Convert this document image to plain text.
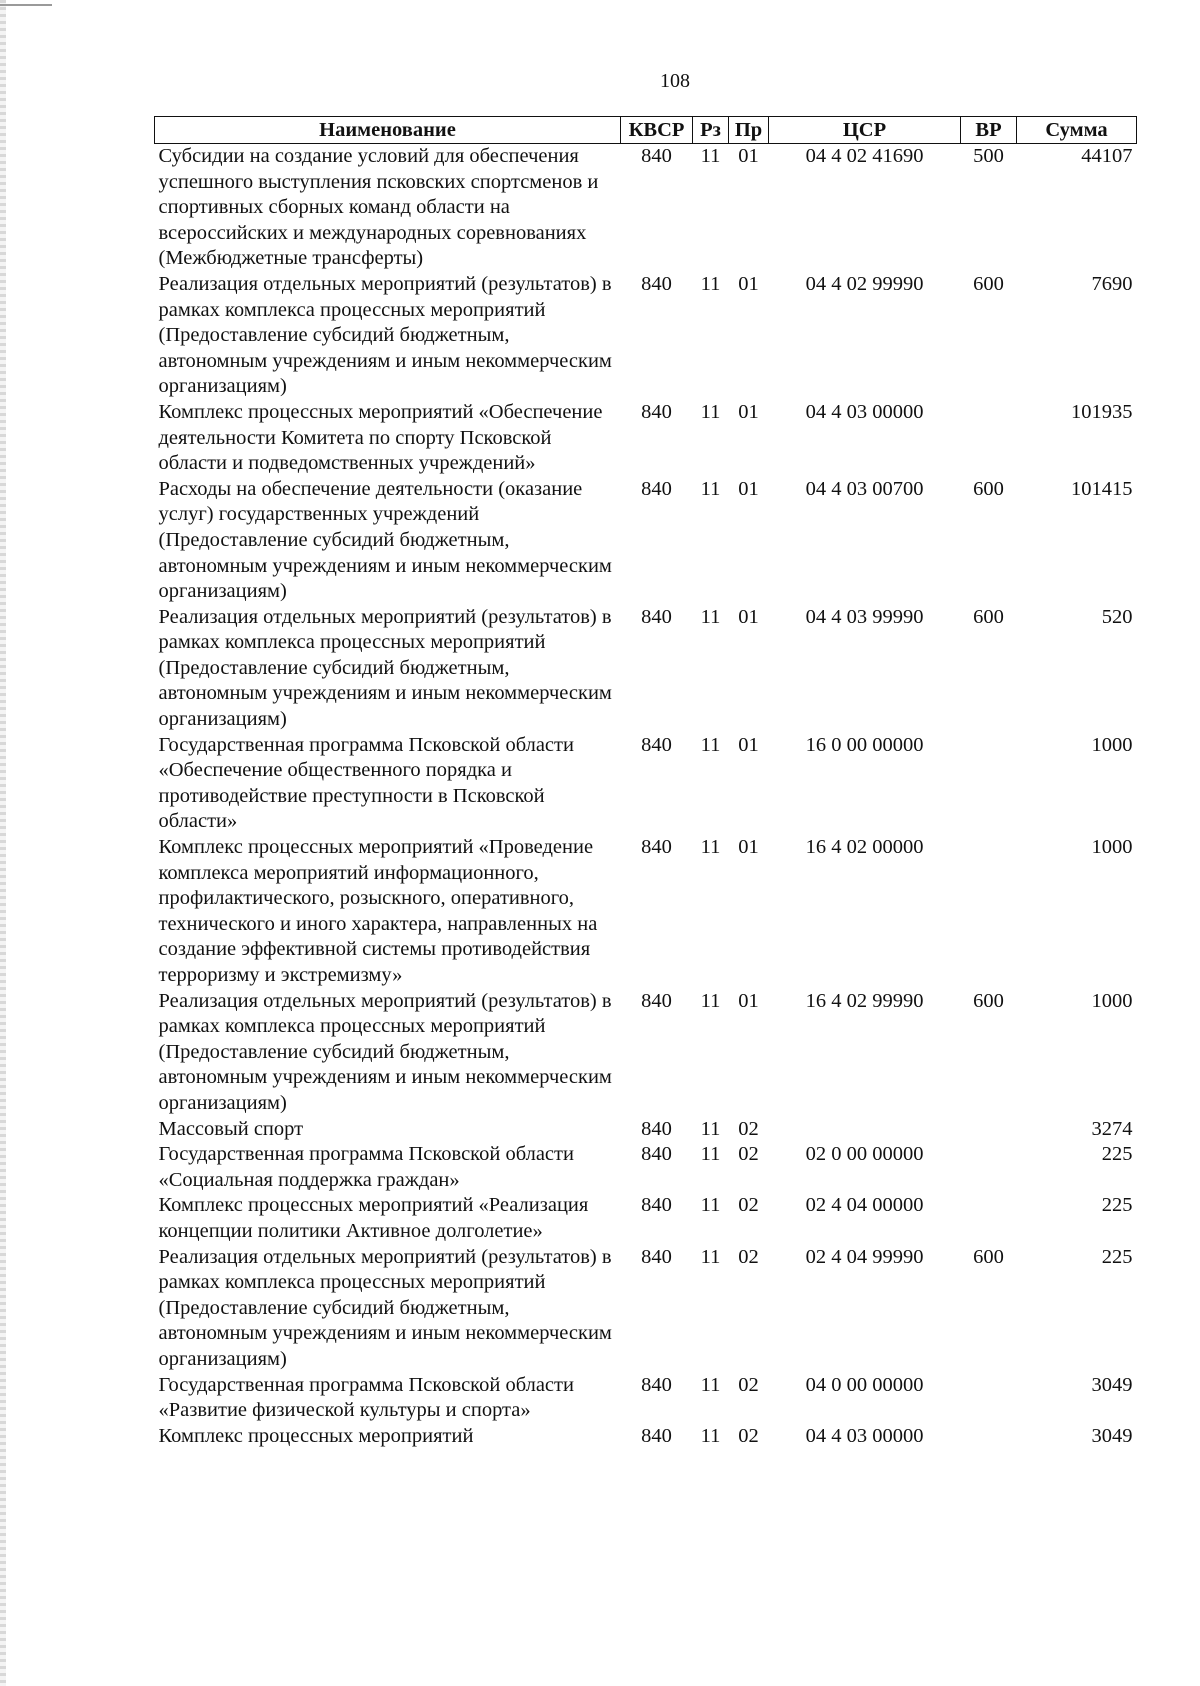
108
Наименование	КВСР	Рз	Пр	ЦСР	ВР	Сумма
Субсидии на создание условий для обеспечения успешного выступления псковских спортсменов и спортивных сборных команд области на всероссийских и международных соревнованиях (Межбюджетные трансферты)	840	11	01	04 4 02 41690	500	44107
Реализация отдельных мероприятий (результатов) в рамках комплекса процессных мероприятий (Предоставление субсидий бюджетным, автономным учреждениям и иным некоммерческим организациям)	840	11	01	04 4 02 99990	600	7690
Комплекс процессных мероприятий «Обеспечение деятельности Комитета по спорту Псковской области и подведомственных учреждений»	840	11	01	04 4 03 00000		101935
Расходы на обеспечение деятельности (оказание услуг) государственных учреждений (Предоставление субсидий бюджетным, автономным учреждениям и иным некоммерческим организациям)	840	11	01	04 4 03 00700	600	101415
Реализация отдельных мероприятий (результатов) в рамках комплекса процессных мероприятий (Предоставление субсидий бюджетным, автономным учреждениям и иным некоммерческим организациям)	840	11	01	04 4 03 99990	600	520
Государственная программа Псковской области «Обеспечение общественного порядка и противодействие преступности в Псковской области»	840	11	01	16 0 00 00000		1000
Комплекс процессных мероприятий «Проведение комплекса мероприятий информационного, профилактического, розыскного, оперативного, технического и иного характера, направленных на создание эффективной системы противодействия терроризму и экстремизму»	840	11	01	16 4 02 00000		1000
Реализация отдельных мероприятий (результатов) в рамках комплекса процессных мероприятий (Предоставление субсидий бюджетным, автономным учреждениям и иным некоммерческим организациям)	840	11	01	16 4 02 99990	600	1000
Массовый спорт	840	11	02			3274
Государственная программа Псковской области «Социальная поддержка граждан»	840	11	02	02 0 00 00000		225
Комплекс процессных мероприятий «Реализация концепции политики Активное долголетие»	840	11	02	02 4 04 00000		225
Реализация отдельных мероприятий (результатов) в рамках комплекса процессных мероприятий (Предоставление субсидий бюджетным, автономным учреждениям и иным некоммерческим организациям)	840	11	02	02 4 04 99990	600	225
Государственная программа Псковской области «Развитие физической культуры и спорта»	840	11	02	04 0 00 00000		3049
Комплекс процессных мероприятий	840	11	02	04 4 03 00000		3049
